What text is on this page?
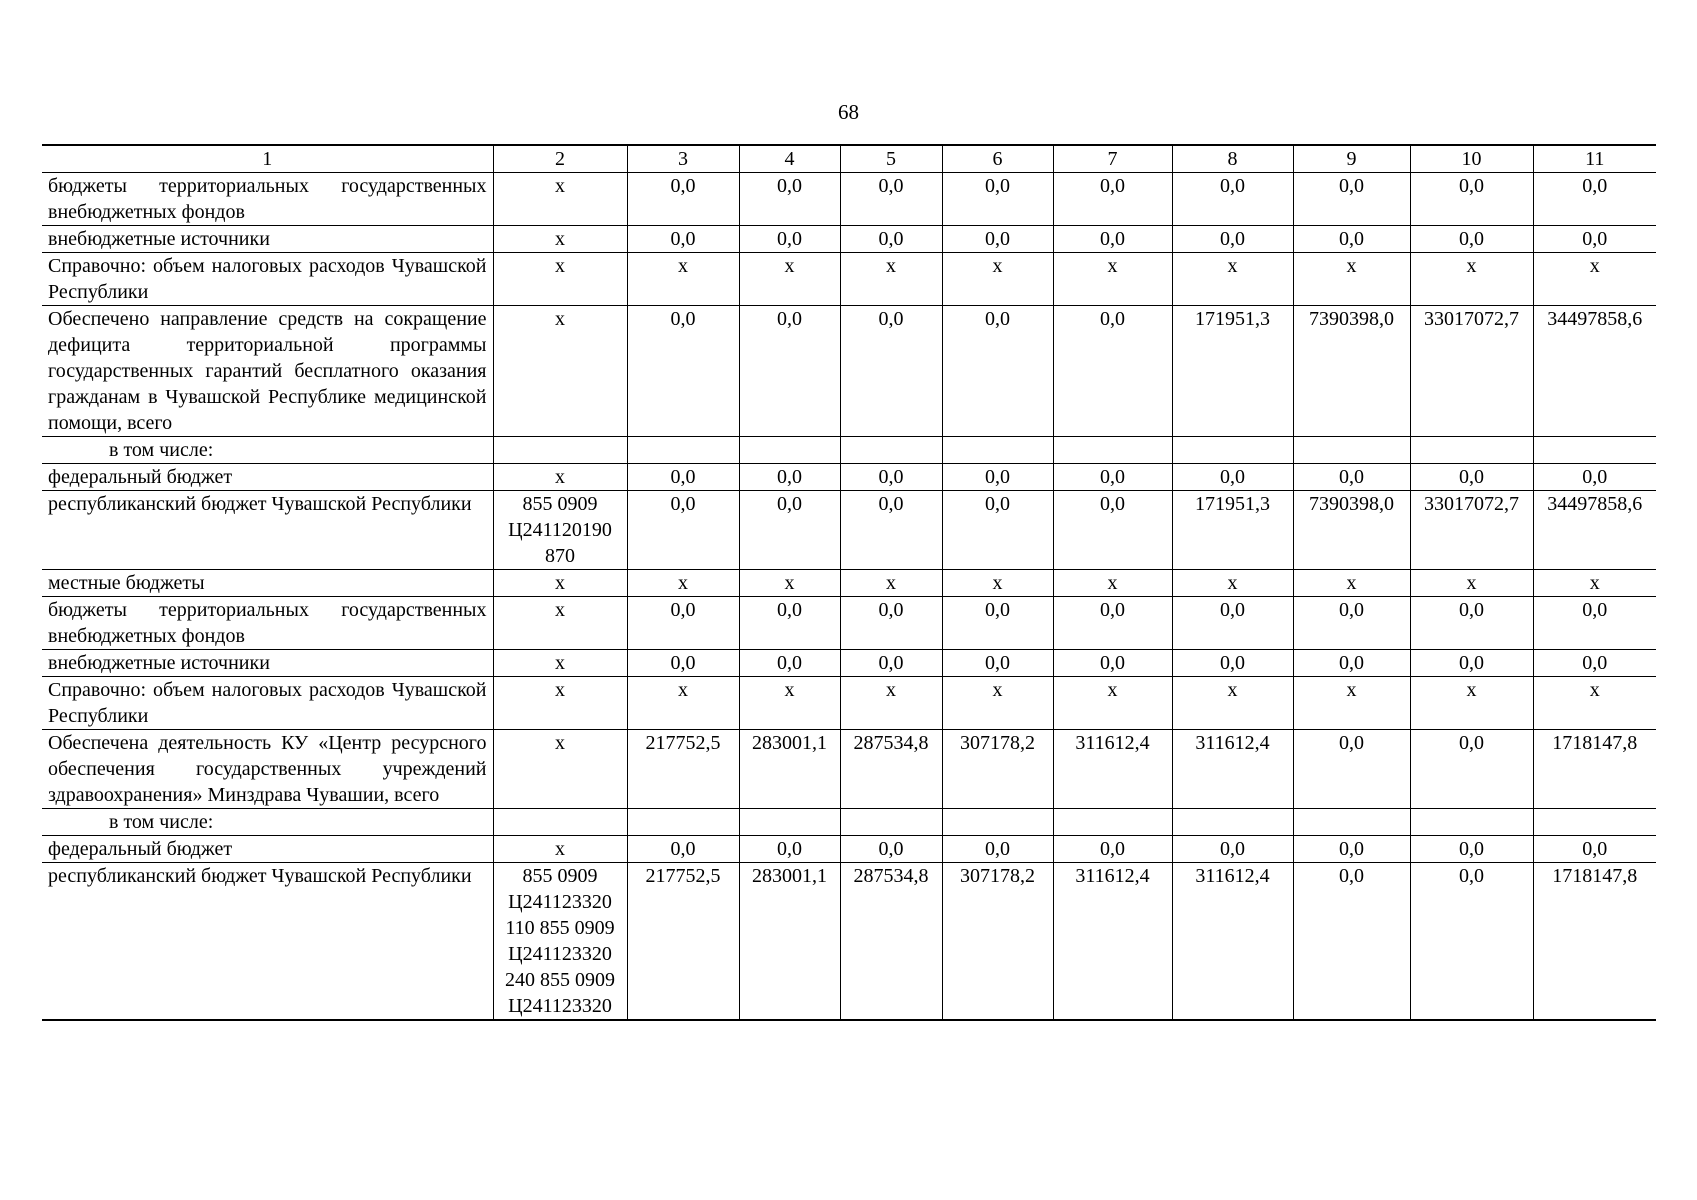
68
1	2	3	4	5	6	7	8	9	10	11
бюджеты территориальных государственных внебюджетных фондов	х	0,0	0,0	0,0	0,0	0,0	0,0	0,0	0,0	0,0
внебюджетные источники	х	0,0	0,0	0,0	0,0	0,0	0,0	0,0	0,0	0,0
Справочно: объем налоговых расходов Чувашской Республики	х	х	х	х	х	х	х	х	х	х
Обеспечено направление средств на сокращение дефицита территориальной программы государственных гарантий бесплатного оказания гражданам в Чувашской Республике медицинской помощи, всего	х	0,0	0,0	0,0	0,0	0,0	171951,3	7390398,0	33017072,7	34497858,6
в том числе:										
федеральный бюджет	х	0,0	0,0	0,0	0,0	0,0	0,0	0,0	0,0	0,0
республиканский бюджет Чувашской Республики	855 0909 Ц241120190 870	0,0	0,0	0,0	0,0	0,0	171951,3	7390398,0	33017072,7	34497858,6
местные бюджеты	х	х	х	х	х	х	х	х	х	х
бюджеты территориальных государственных внебюджетных фондов	х	0,0	0,0	0,0	0,0	0,0	0,0	0,0	0,0	0,0
внебюджетные источники	х	0,0	0,0	0,0	0,0	0,0	0,0	0,0	0,0	0,0
Справочно: объем налоговых расходов Чувашской Республики	х	х	х	х	х	х	х	х	х	х
Обеспечена деятельность КУ «Центр ресурсного обеспечения государственных учреждений здравоохранения» Минздрава Чувашии, всего	х	217752,5	283001,1	287534,8	307178,2	311612,4	311612,4	0,0	0,0	1718147,8
в том числе:										
федеральный бюджет	х	0,0	0,0	0,0	0,0	0,0	0,0	0,0	0,0	0,0
республиканский бюджет Чувашской Республики	855 0909 Ц241123320 110 855 0909 Ц241123320 240 855 0909 Ц241123320	217752,5	283001,1	287534,8	307178,2	311612,4	311612,4	0,0	0,0	1718147,8
